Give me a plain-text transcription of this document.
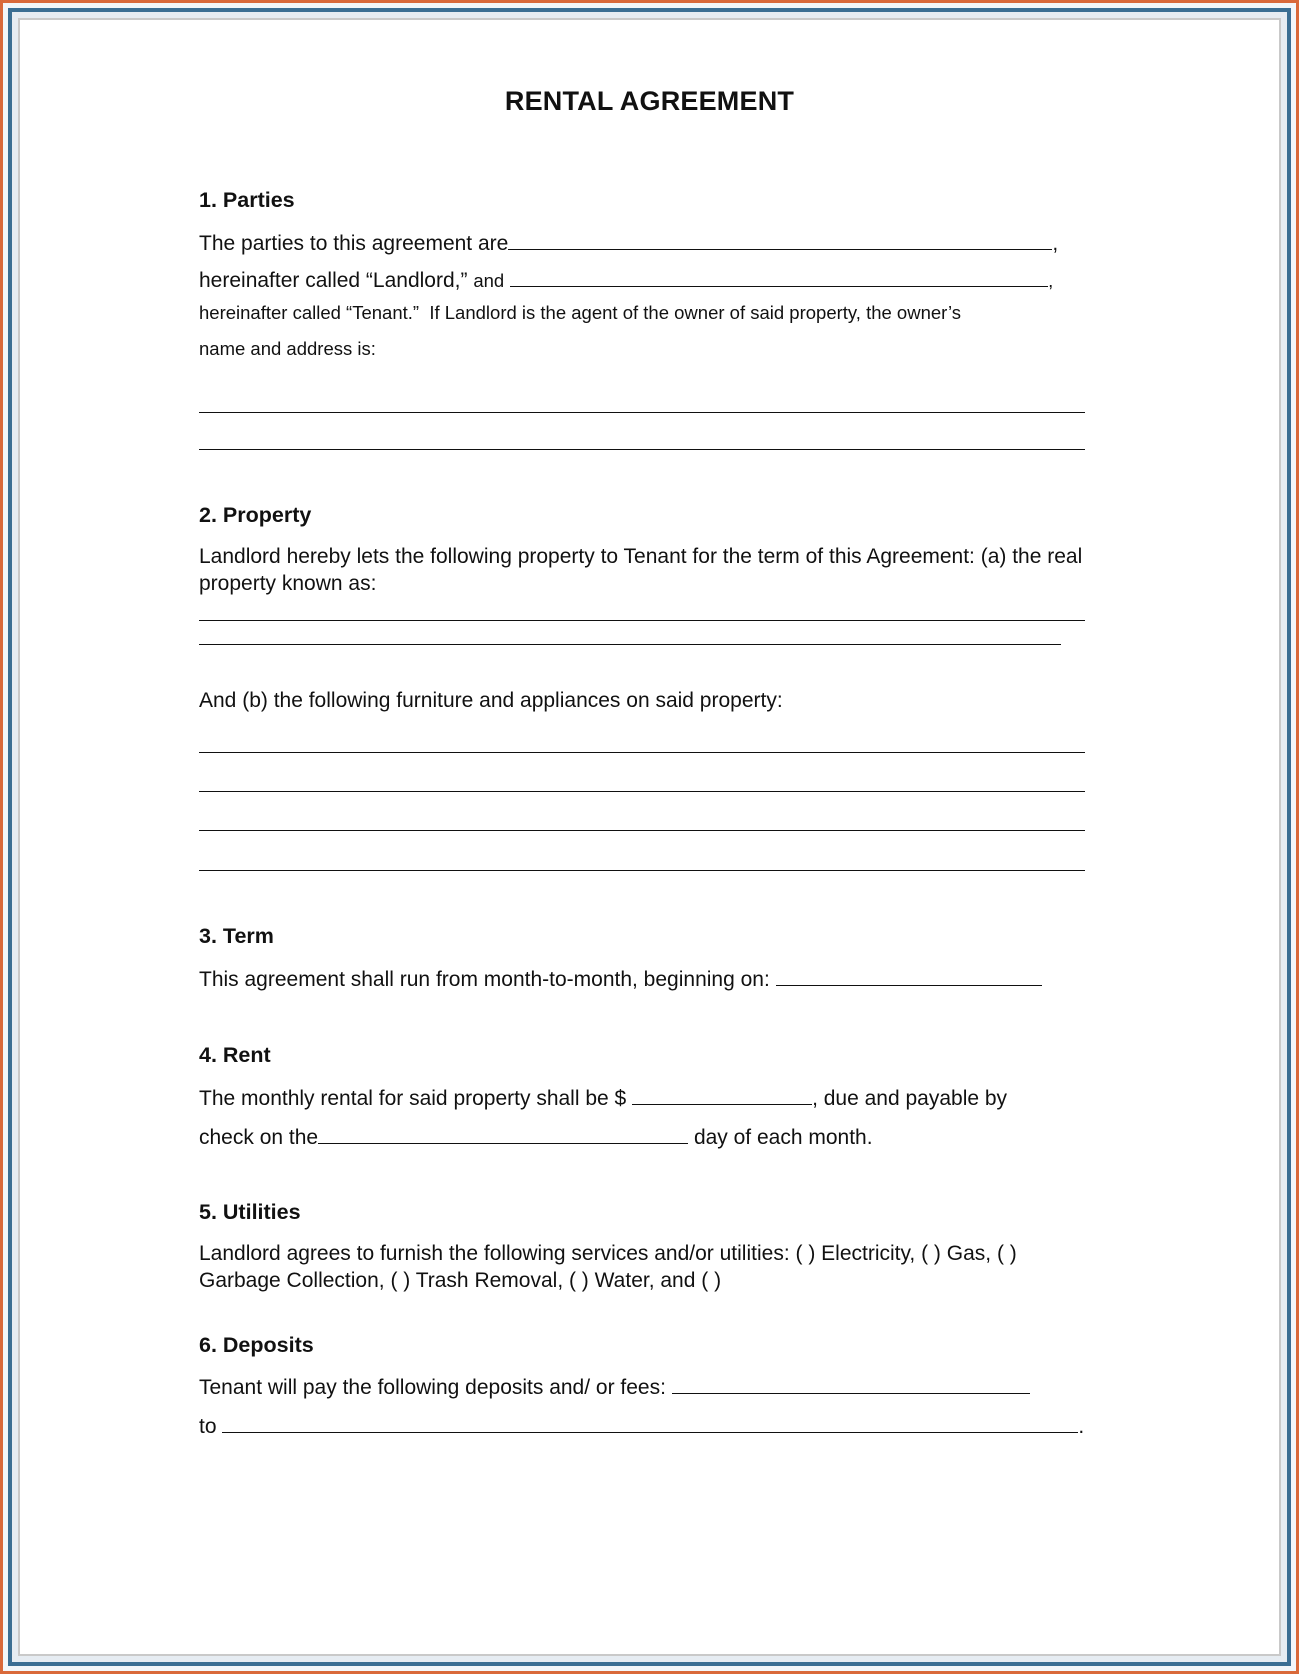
RENTAL AGREEMENT
1. Parties
The parties to this agreement are	,
hereinafter called “Landlord,” and	,
hereinafter called “Tenant.”  If Landlord is the agent of the owner of said property, the owner’s
name and address is:
2. Property
Landlord hereby lets the following property to Tenant for the term of this Agreement: (a) the real property known as:
And (b) the following furniture and appliances on said property:
3. Term
This agreement shall run from month-to-month, beginning on:
4. Rent
The monthly rental for said property shall be $	, due and payable by
check on the	day of each month.
5. Utilities
Landlord agrees to furnish the following services and/or utilities: ( ) Electricity, ( ) Gas, ( ) Garbage Collection, ( ) Trash Removal, ( ) Water, and ( )
6. Deposits
Tenant will pay the following deposits and/ or fees:
to	.
